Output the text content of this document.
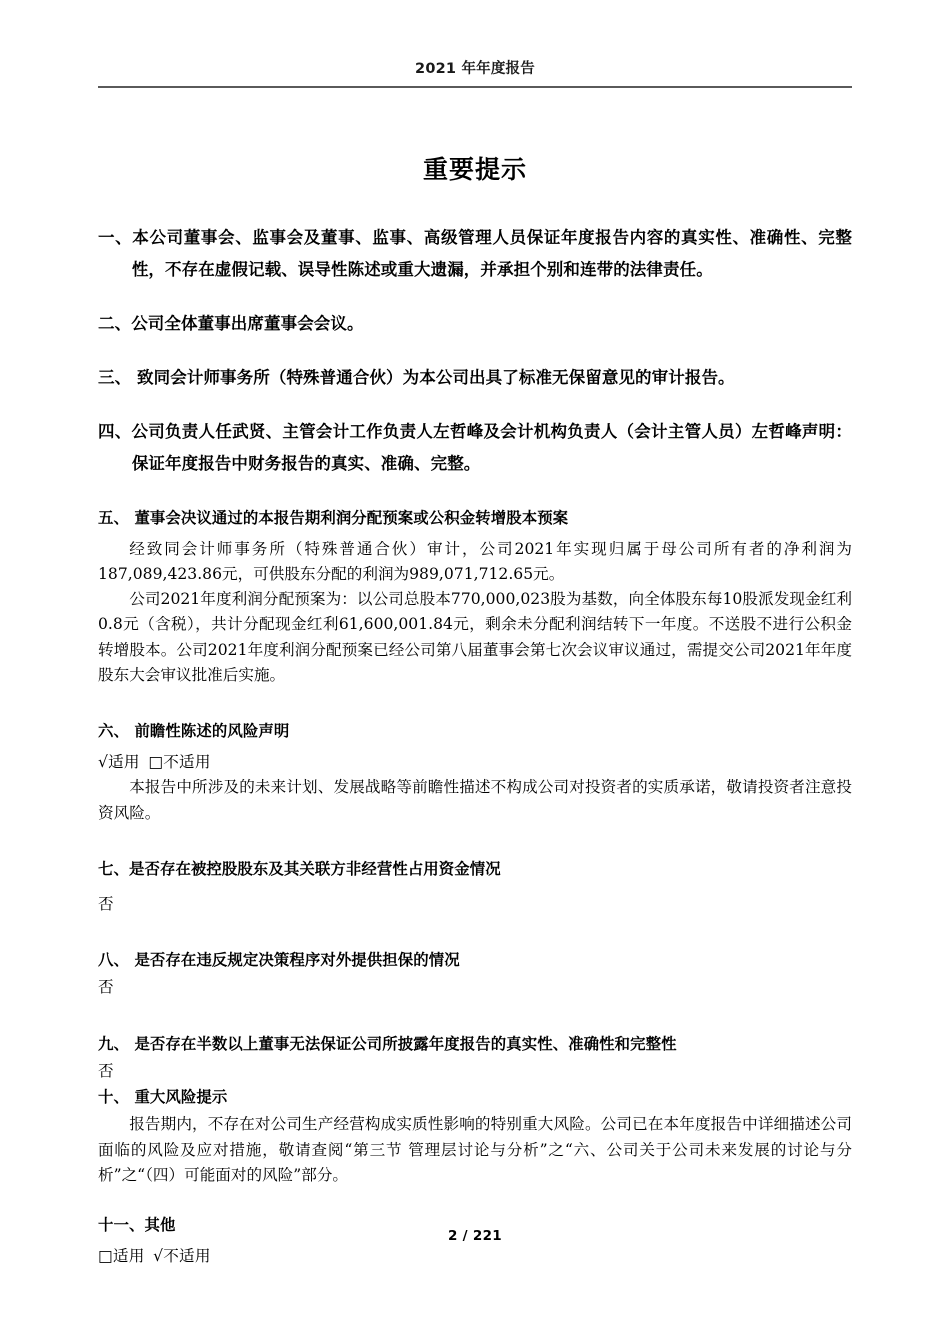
2021 年年度报告
重要提示

一、本公司董事会、监事会及董事、监事、高级管理人员保证年度报告内容的真实性、准确性、完整性，不存在虚假记载、误导性陈述或重大遗漏，并承担个别和连带的法律责任。

二、公司全体董事出席董事会会议。

三、 致同会计师事务所（特殊普通合伙）为本公司出具了标准无保留意见的审计报告。

四、公司负责人任武贤、主管会计工作负责人左哲峰及会计机构负责人（会计主管人员）左哲峰声明：保证年度报告中财务报告的真实、准确、完整。

五、 董事会决议通过的本报告期利润分配预案或公积金转增股本预案

经致同会计师事务所（特殊普通合伙）审计，公司2021年实现归属于母公司所有者的净利润为187,089,423.86元，可供股东分配的利润为989,071,712.65元。

公司2021年度利润分配预案为：以公司总股本770,000,023股为基数，向全体股东每10股派发现金红利0.8元（含税），共计分配现金红利61,600,001.84元，剩余未分配利润结转下一年度。不送股不进行公积金转增股本。公司2021年度利润分配预案已经公司第八届董事会第七次会议审议通过，需提交公司2021年年度股东大会审议批准后实施。

六、 前瞻性陈述的风险声明

√适用 □不适用

本报告中所涉及的未来计划、发展战略等前瞻性描述不构成公司对投资者的实质承诺，敬请投资者注意投资风险。

七、是否存在被控股股东及其关联方非经营性占用资金情况

否

八、 是否存在违反规定决策程序对外提供担保的情况

否

九、 是否存在半数以上董事无法保证公司所披露年度报告的真实性、准确性和完整性

否

十、 重大风险提示

报告期内，不存在对公司生产经营构成实质性影响的特别重大风险。公司已在本年度报告中详细描述公司面临的风险及应对措施，敬请查阅“第三节 管理层讨论与分析”之“六、公司关于公司未来发展的讨论与分析”之“（四）可能面对的风险”部分。

十一、其他

□适用 √不适用

2 / 221
